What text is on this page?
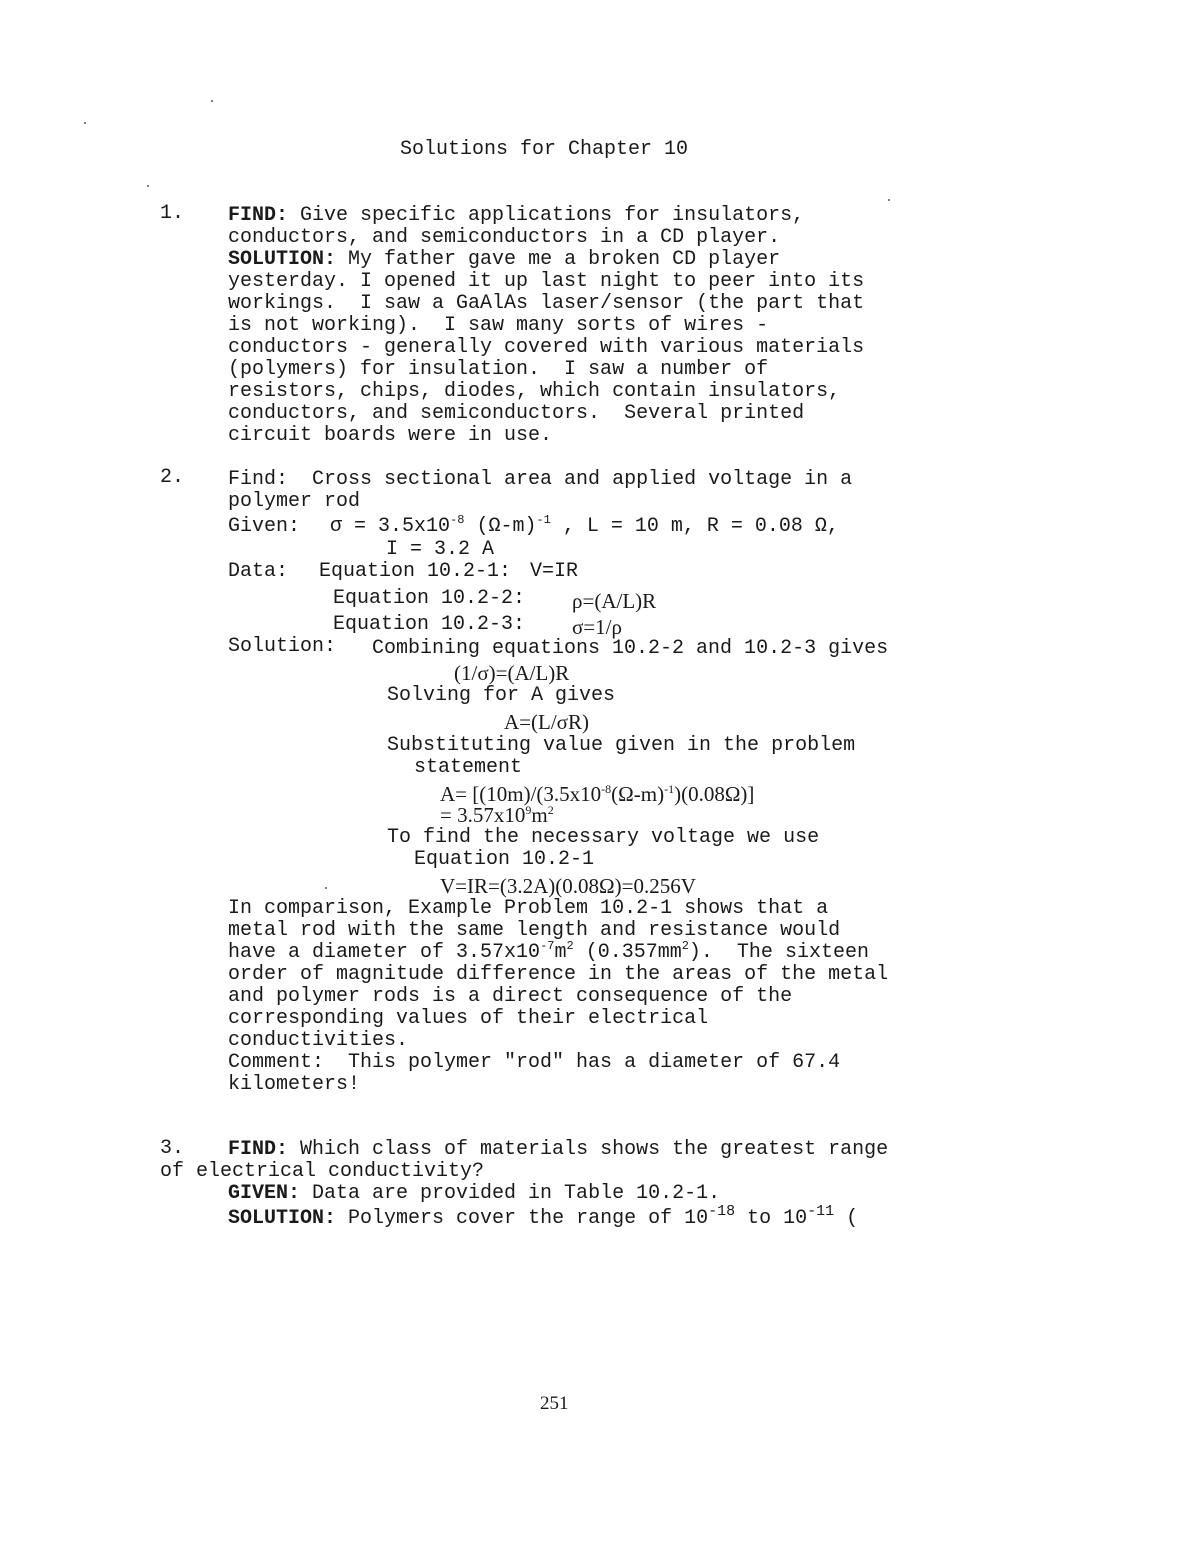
Solutions for Chapter 10
1. FIND: Give specific applications for insulators,
conductors, and semiconductors in a CD player.
SOLUTION: My father gave me a broken CD player
yesterday. I opened it up last night to peer into its
workings.  I saw a GaAlAs laser/sensor (the part that
is not working).  I saw many sorts of wires -
conductors - generally covered with various materials
(polymers) for insulation.  I saw a number of
resistors, chips, diodes, which contain insulators,
conductors, and semiconductors.  Several printed
circuit boards were in use.
2. Find:  Cross sectional area and applied voltage in a
polymer rod
Given: $\sigma = 3.5x10^{-8}$ $(\Omega-m)^{-1}$ , L = 10 m, R = 0.08 Ω,
I = 3.2 A
Data: Equation 10.2-1: V=IR
Equation 10.2-2: ρ=(A/L)R
Equation 10.2-3: σ=1/ρ
Solution: Combining equations 10.2-2 and 10.2-3 gives
(1/σ)=(A/L)R
Solving for A gives
A=(L/σR)
Substituting value given in the problem
statement
$A= [(10m)/(3.5x10^{-8}(\Omega-m)^{-1})(0.08\Omega)]$
= $3.57x10^9m^2$
To find the necessary voltage we use
Equation 10.2-1
V=IR=(3.2A)(0.08Ω)=0.256V
In comparison, Example Problem 10.2-1 shows that a
metal rod with the same length and resistance would
have a diameter of $3.57x10^{-7}m^2$ $(0.357mm^2)$.  The sixteen
order of magnitude difference in the areas of the metal
and polymer rods is a direct consequence of the
corresponding values of their electrical
conductivities.
Comment:  This polymer "rod" has a diameter of 67.4
kilometers!
3. FIND: Which class of materials shows the greatest range
of electrical conductivity?
GIVEN: Data are provided in Table 10.2-1.
SOLUTION: Polymers cover the range of $10^{-18}$ to $10^{-11}$ (
251
